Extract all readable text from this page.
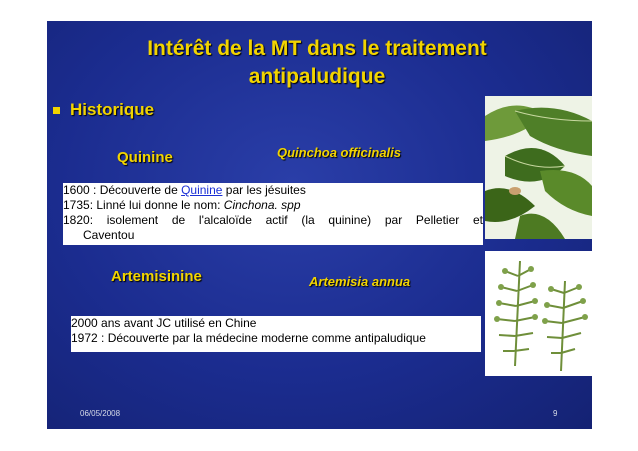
Intérêt de la MT dans le traitement
antipaludique
Historique
Quinine	Quinchoa officinalis
1600 : Découverte de Quinine par les jésuites
1735: Linné lui donne le nom: Cinchona. spp
1820: isolement de l'alcaloïde actif (la quinine) par Pelletier et
Caventou
Artemisinine	Artemisia annua
2000 ans avant JC utilisé en Chine
1972 : Découverte par la médecine moderne comme antipaludique
06/05/2008	9
